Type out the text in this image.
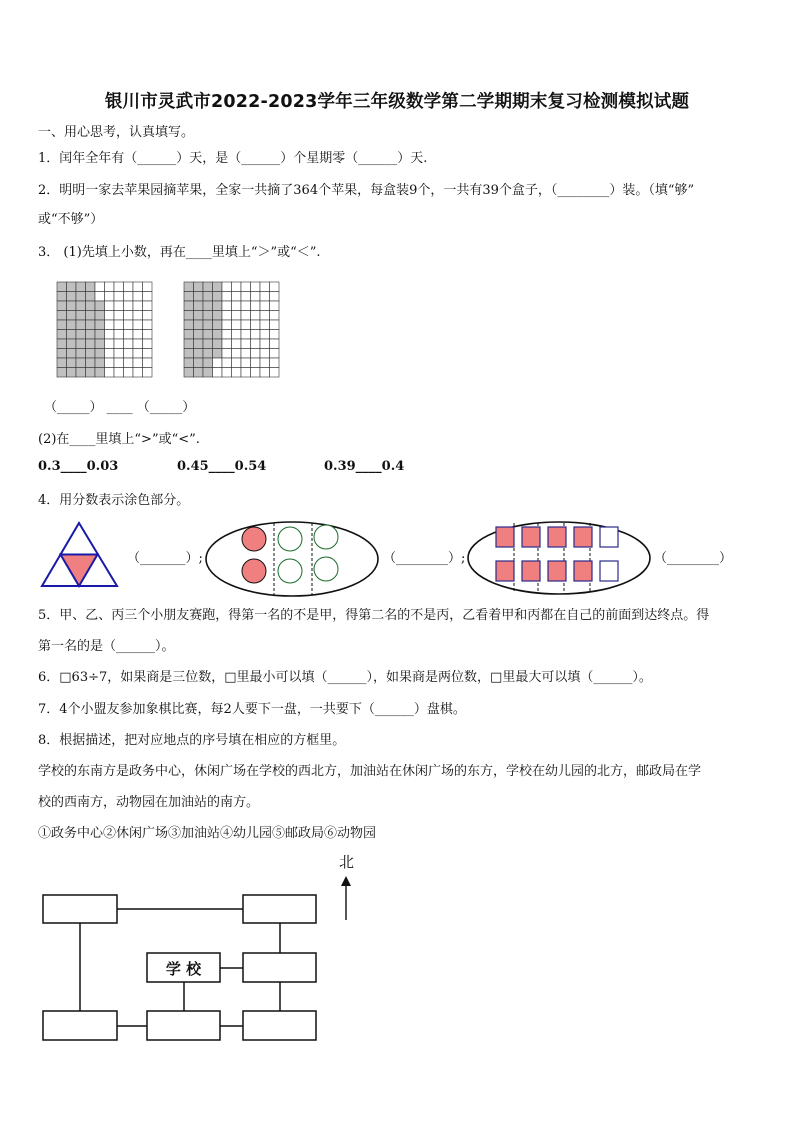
银川市灵武市2022-2023学年三年级数学第二学期期末复习检测模拟试题
一、用心思考，认真填写。
1．闰年全年有（______）天，是（______）个星期零（______）天.
2．明明一家去苹果园摘苹果，全家一共摘了364个苹果，每盒装9个，一共有39个盒子，（________）装。（填“够”
或“不够”）
3． (1)先填上小数，再在____里填上“＞”或“＜”.
（_____） ____ （_____）
(2)在____里填上“>”或“<”.
0.3____0.03	0.45____0.54	0.39____0.4
4．用分数表示涂色部分。
（_______）;	（________）;	（________）
5．甲、乙、丙三个小朋友赛跑，得第一名的不是甲，得第二名的不是丙，乙看着甲和丙都在自己的前面到达终点。得
第一名的是（______）。
6．□63÷7，如果商是三位数，□里最小可以填（______），如果商是两位数，□里最大可以填（______）。
7．4个小盟友参加象棋比赛，每2人要下一盘，一共要下（______）盘棋。
8．根据描述，把对应地点的序号填在相应的方框里。
学校的东南方是政务中心，休闲广场在学校的西北方，加油站在休闲广场的东方，学校在幼儿园的北方，邮政局在学
校的西南方，动物园在加油站的南方。
①政务中心②休闲广场③加油站④幼儿园⑤邮政局⑥动物园
北
学 校
